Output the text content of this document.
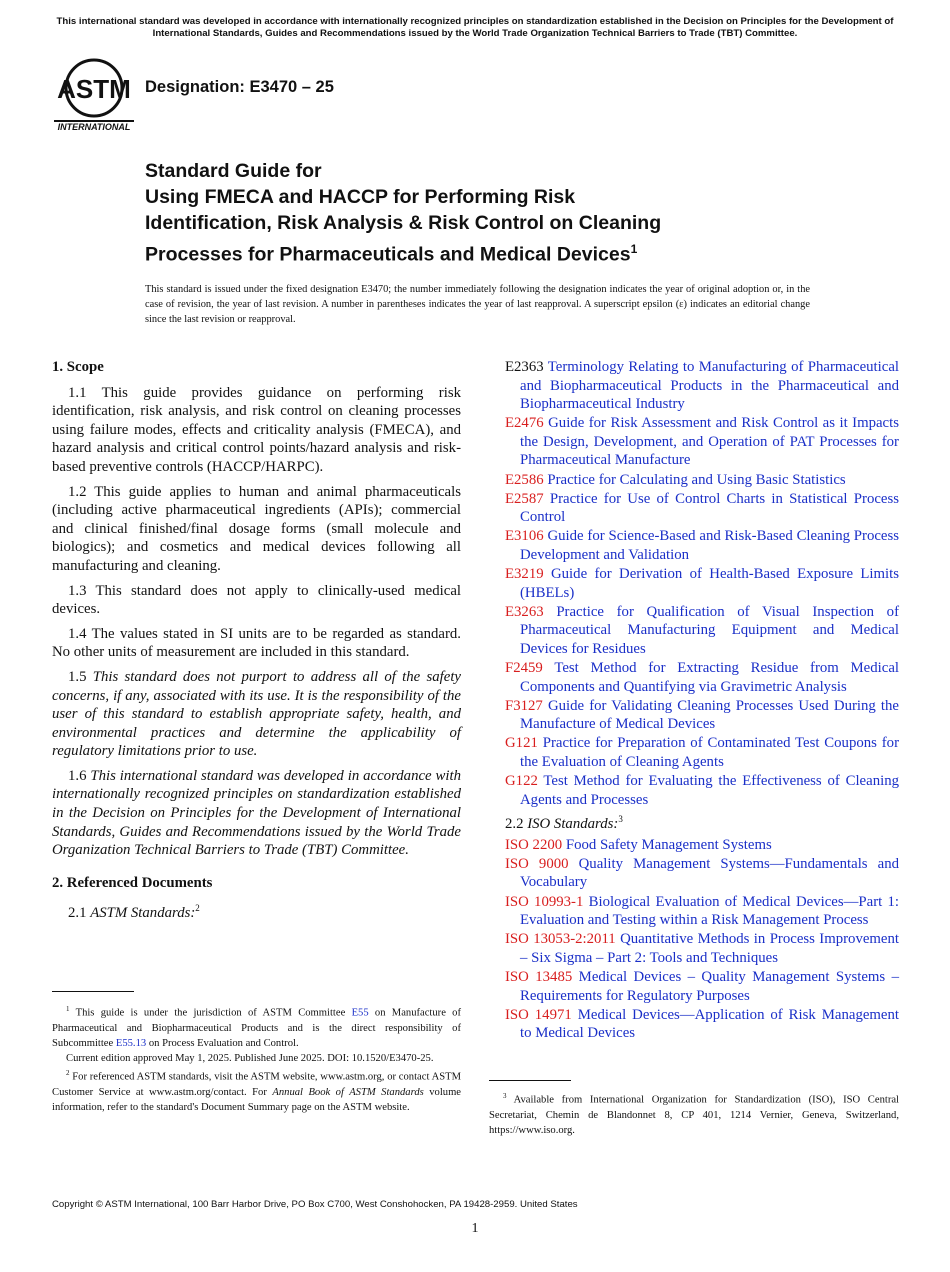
This international standard was developed in accordance with internationally recognized principles on standardization established in the Decision on Principles for the Development of International Standards, Guides and Recommendations issued by the World Trade Organization Technical Barriers to Trade (TBT) Committee.
ASTM
INTERNATIONAL
Designation: E3470 – 25
Standard Guide for
Using FMECA and HACCP for Performing Risk
Identification, Risk Analysis & Risk Control on Cleaning
Processes for Pharmaceuticals and Medical Devices$^1$
This standard is issued under the fixed designation E3470; the number immediately following the designation indicates the year of original adoption or, in the case of revision, the year of last revision. A number in parentheses indicates the year of last reapproval. A superscript epsilon (ε) indicates an editorial change since the last revision or reapproval.
1. Scope

1.1 This guide provides guidance on performing risk identification, risk analysis, and risk control on cleaning processes using failure modes, effects and criticality analysis (FMECA), and hazard analysis and critical control points/hazard analysis and risk-based preventive controls (HACCP/HARPC).

1.2 This guide applies to human and animal pharmaceuticals (including active pharmaceutical ingredients (APIs); commercial and clinical finished/final dosage forms (small molecule and biologics); and cosmetics and medical devices following all manufacturing and cleaning.

1.3 This standard does not apply to clinically-used medical devices.

1.4 The values stated in SI units are to be regarded as standard. No other units of measurement are included in this standard.

1.5 This standard does not purport to address all of the safety concerns, if any, associated with its use. It is the responsibility of the user of this standard to establish appropriate safety, health, and environmental practices and determine the applicability of regulatory limitations prior to use.

1.6 This international standard was developed in accordance with internationally recognized principles on standardization established in the Decision on Principles for the Development of International Standards, Guides and Recommendations issued by the World Trade Organization Technical Barriers to Trade (TBT) Committee.

2. Referenced Documents
2.1 ASTM Standards:$^2$
E2363 Terminology Relating to Manufacturing of Pharmaceutical and Biopharmaceutical Products in the Pharmaceutical and Biopharmaceutical Industry
E2476 Guide for Risk Assessment and Risk Control as it Impacts the Design, Development, and Operation of PAT Processes for Pharmaceutical Manufacture
E2586 Practice for Calculating and Using Basic Statistics
E2587 Practice for Use of Control Charts in Statistical Process Control
E3106 Guide for Science-Based and Risk-Based Cleaning Process Development and Validation
E3219 Guide for Derivation of Health-Based Exposure Limits (HBELs)
E3263 Practice for Qualification of Visual Inspection of Pharmaceutical Manufacturing Equipment and Medical Devices for Residues
F2459 Test Method for Extracting Residue from Medical Components and Quantifying via Gravimetric Analysis
F3127 Guide for Validating Cleaning Processes Used During the Manufacture of Medical Devices
G121 Practice for Preparation of Contaminated Test Coupons for the Evaluation of Cleaning Agents
G122 Test Method for Evaluating the Effectiveness of Cleaning Agents and Processes
2.2 ISO Standards:$^3$
ISO 2200 Food Safety Management Systems
ISO 9000 Quality Management Systems—Fundamentals and Vocabulary
ISO 10993-1 Biological Evaluation of Medical Devices—Part 1: Evaluation and Testing within a Risk Management Process
ISO 13053-2:2011 Quantitative Methods in Process Improvement – Six Sigma – Part 2: Tools and Techniques
ISO 13485 Medical Devices – Quality Management Systems – Requirements for Regulatory Purposes
ISO 14971 Medical Devices—Application of Risk Management to Medical Devices

$^1$ This guide is under the jurisdiction of ASTM Committee E55 on Manufacture of Pharmaceutical and Biopharmaceutical Products and is the direct responsibility of Subcommittee E55.13 on Process Evaluation and Control.

Current edition approved May 1, 2025. Published June 2025. DOI: 10.1520/E3470-25.

$^2$ For referenced ASTM standards, visit the ASTM website, www.astm.org, or contact ASTM Customer Service at www.astm.org/contact. For Annual Book of ASTM Standards volume information, refer to the standard's Document Summary page on the ASTM website.

$^3$ Available from International Organization for Standardization (ISO), ISO Central Secretariat, Chemin de Blandonnet 8, CP 401, 1214 Vernier, Geneva, Switzerland, https://www.iso.org.

Copyright © ASTM International, 100 Barr Harbor Drive, PO Box C700, West Conshohocken, PA 19428-2959. United States
1
